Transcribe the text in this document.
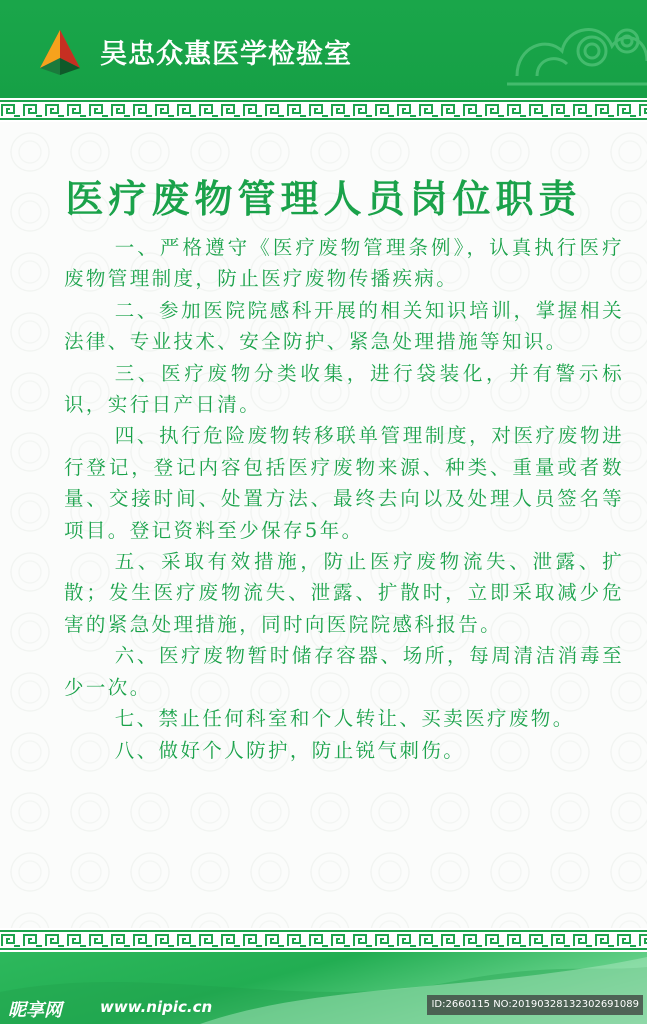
吴忠众惠医学检验室
医疗废物管理人员岗位职责

一、严格遵守《医疗废物管理条例》，认真执行医疗废物管理制度，防止医疗废物传播疾病。

二、参加医院院感科开展的相关知识培训，掌握相关法律、专业技术、安全防护、紧急处理措施等知识。

三、医疗废物分类收集，进行袋装化，并有警示标识，实行日产日清。

四、执行危险废物转移联单管理制度，对医疗废物进行登记，登记内容包括医疗废物来源、种类、重量或者数量、交接时间、处置方法、最终去向以及处理人员签名等项目。登记资料至少保存5年。

五、采取有效措施，防止医疗废物流失、泄露、扩散；发生医疗废物流失、泄露、扩散时，立即采取减少危害的紧急处理措施，同时向医院院感科报告。

六、医疗废物暂时储存容器、场所，每周清洁消毒至少一次。

七、禁止任何科室和个人转让、买卖医疗废物。

八、做好个人防护，防止锐气刺伤。

昵享网	www.nipic.cn	ID:2660115 NO:20190328132302691089
